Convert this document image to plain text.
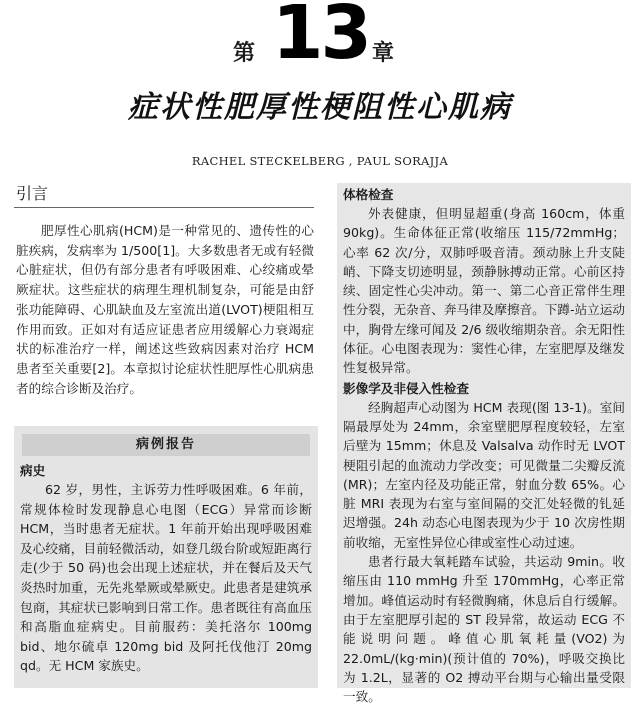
第 13 章
症状性肥厚性梗阻性心肌病
RACHEL STECKELBERG , PAUL SORAJJA
引言

肥厚性心肌病(HCM)是一种常见的、遗传性的心脏疾病，发病率为 1/500[1]。大多数患者无或有轻微心脏症状，但仍有部分患者有呼吸困难、心绞痛或晕厥症状。这些症状的病理生理机制复杂，可能是由舒张功能障碍、心肌缺血及左室流出道(LVOT)梗阻相互作用而致。正如对有适应证患者应用缓解心力衰竭症状的标准治疗一样，阐述这些致病因素对治疗 HCM 患者至关重要[2]。本章拟讨论症状性肥厚性心肌病患者的综合诊断及治疗。

病例报告
病史

62 岁，男性，主诉劳力性呼吸困难。6 年前，常规体检时发现静息心电图（ECG）异常而诊断 HCM，当时患者无症状。1 年前开始出现呼吸困难及心绞痛，目前轻微活动，如登几级台阶或短距离行走(少于 50 码)也会出现上述症状，并在餐后及天气炎热时加重，无先兆晕厥或晕厥史。此患者是建筑承包商，其症状已影响到日常工作。患者既往有高血压和高脂血症病史。目前服药：美托洛尔 100mg bid、地尔硫卓 120mg bid 及阿托伐他汀 20mg qd。无 HCM 家族史。

体格检查

外表健康，但明显超重(身高 160cm，体重 90kg)。生命体征正常(收缩压 115/72mmHg；心率 62 次/分，双肺呼吸音清。颈动脉上升支陡峭、下降支切迹明显，颈静脉搏动正常。心前区持续、固定性心尖冲动。第一、第二心音正常伴生理性分裂，无杂音、奔马律及摩擦音。下蹲-站立运动中，胸骨左缘可闻及 2/6 级收缩期杂音。余无阳性体征。心电图表现为：窦性心律，左室肥厚及继发性复极异常。

影像学及非侵入性检查

经胸超声心动图为 HCM 表现(图 13-1)。室间隔最厚处为 24mm，余室壁肥厚程度较轻，左室后壁为 15mm；休息及 Valsalva 动作时无 LVOT 梗阻引起的血流动力学改变；可见微量二尖瓣反流(MR)；左室内径及功能正常，射血分数 65%。心脏 MRI 表现为右室与室间隔的交汇处轻微的钆延迟增强。24h 动态心电图表现为少于 10 次房性期前收缩，无室性异位心律或室性心动过速。

患者行最大氧耗踏车试验，共运动 9min。收缩压由 110 mmHg 升至 170mmHg，心率正常增加。峰值运动时有轻微胸痛，休息后自行缓解。由于左室肥厚引起的 ST 段异常，故运动 ECG 不能说明问题。峰值心肌氧耗量(VO2)为 22.0mL/(kg·min)(预计值的 70%)，呼吸交换比为 1.2L，显著的 O2 搏动平台期与心输出量受限一致。
